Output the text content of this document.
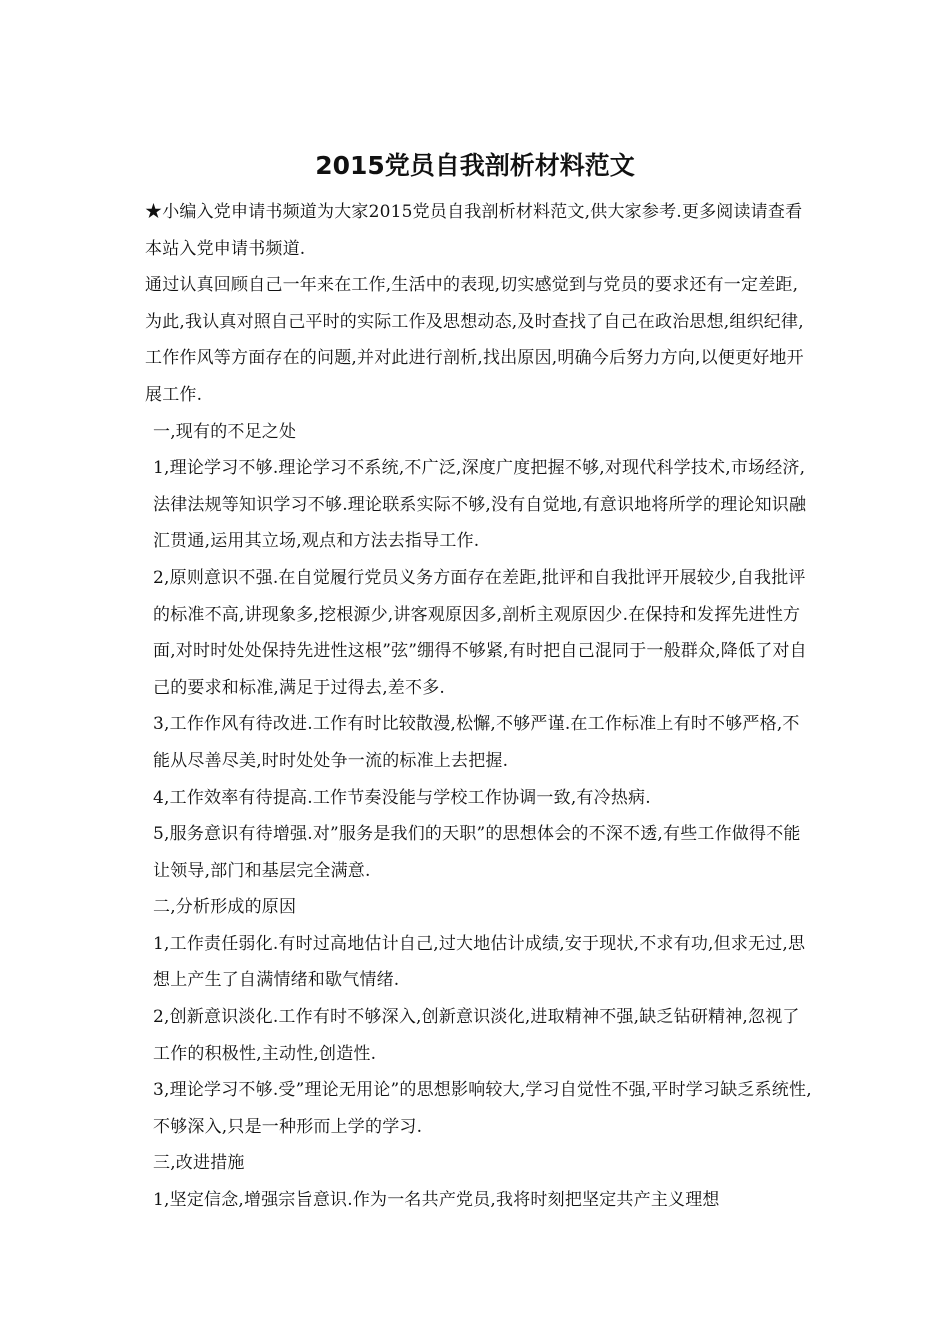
2015党员自我剖析材料范文

★小编入党申请书频道为大家2015党员自我剖析材料范文,供大家参考.更多阅读请查看本站入党申请书频道.

通过认真回顾自己一年来在工作,生活中的表现,切实感觉到与党员的要求还有一定差距,为此,我认真对照自己平时的实际工作及思想动态,及时查找了自己在政治思想,组织纪律,工作作风等方面存在的问题,并对此进行剖析,找出原因,明确今后努力方向,以便更好地开展工作.

一,现有的不足之处

1,理论学习不够.理论学习不系统,不广泛,深度广度把握不够,对现代科学技术,市场经济,法律法规等知识学习不够.理论联系实际不够,没有自觉地,有意识地将所学的理论知识融汇贯通,运用其立场,观点和方法去指导工作.

2,原则意识不强.在自觉履行党员义务方面存在差距,批评和自我批评开展较少,自我批评的标准不高,讲现象多,挖根源少,讲客观原因多,剖析主观原因少.在保持和发挥先进性方面,对时时处处保持先进性这根”弦”绷得不够紧,有时把自己混同于一般群众,降低了对自己的要求和标准,满足于过得去,差不多.

3,工作作风有待改进.工作有时比较散漫,松懈,不够严谨.在工作标准上有时不够严格,不能从尽善尽美,时时处处争一流的标准上去把握.

4,工作效率有待提高.工作节奏没能与学校工作协调一致,有冷热病.

5,服务意识有待增强.对”服务是我们的天职”的思想体会的不深不透,有些工作做得不能让领导,部门和基层完全满意.

二,分析形成的原因

1,工作责任弱化.有时过高地估计自己,过大地估计成绩,安于现状,不求有功,但求无过,思想上产生了自满情绪和歇气情绪.

2,创新意识淡化.工作有时不够深入,创新意识淡化,进取精神不强,缺乏钻研精神,忽视了工作的积极性,主动性,创造性.

3,理论学习不够.受”理论无用论”的思想影响较大,学习自觉性不强,平时学习缺乏系统性,不够深入,只是一种形而上学的学习.

三,改进措施

1,坚定信念,增强宗旨意识.作为一名共产党员,我将时刻把坚定共产主义理想
